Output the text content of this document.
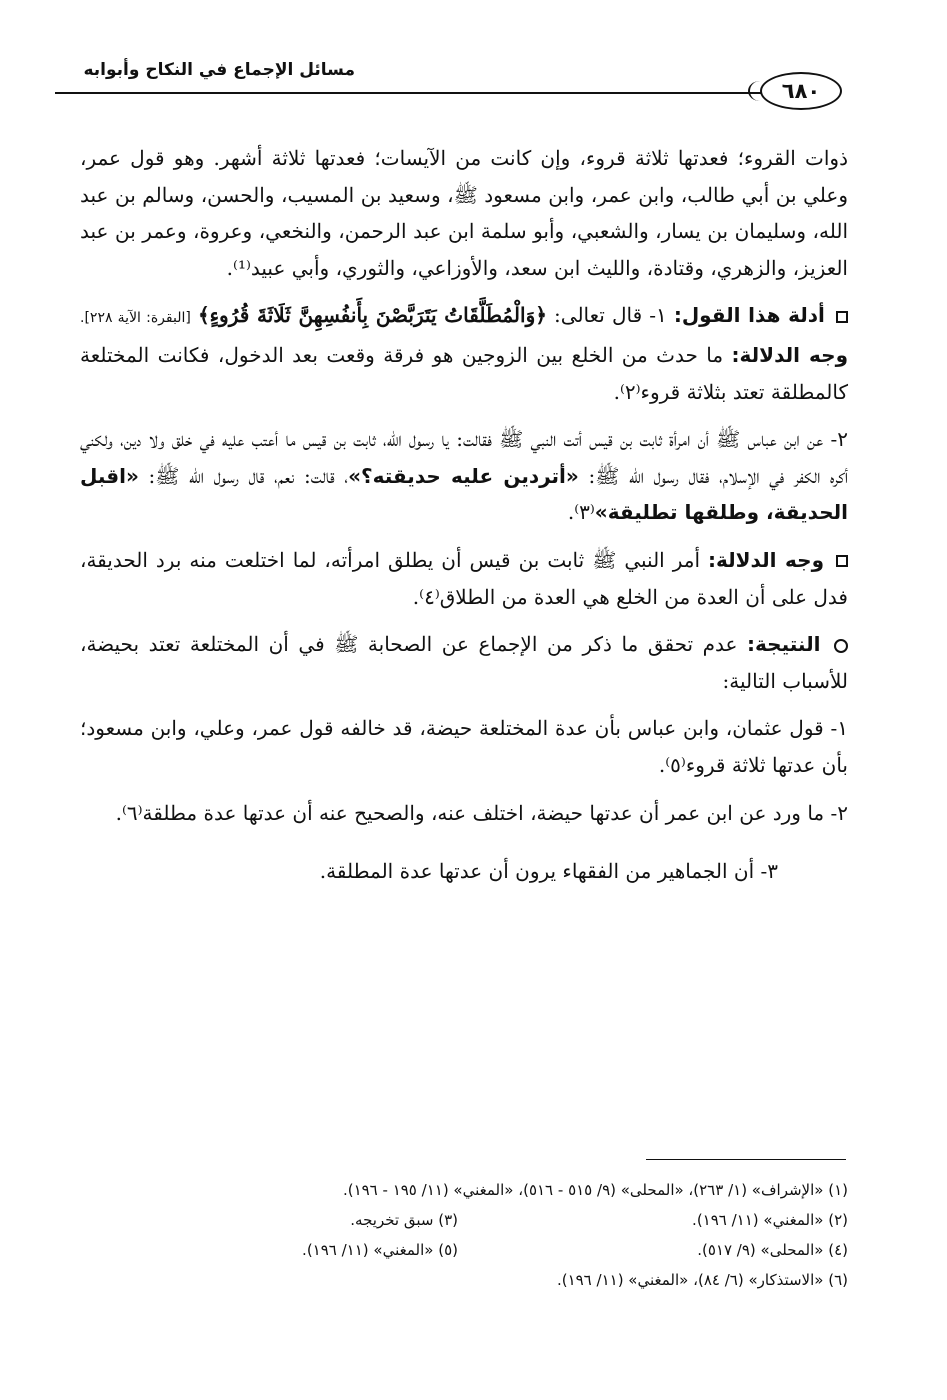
مسائل الإجماع في النكاح وأبوابه
٦٨٠

ذوات القروء؛ فعدتها ثلاثة قروء، وإن كانت من الآيسات؛ فعدتها ثلاثة أشهر. وهو قول عمر، وعلي بن أبي طالب، وابن عمر، وابن مسعود ﷺ، وسعيد بن المسيب، والحسن، وسالم بن عبد الله، وسليمان بن يسار، والشعبي، وأبو سلمة ابن عبد الرحمن، والنخعي، وعروة، وعمر بن عبد العزيز، والزهري، وقتادة، والليث ابن سعد، والأوزاعي، والثوري، وأبي عبيد⁽¹⁾.

أدلة هذا القول: ١- قال تعالى: ﴿وَالْمُطَلَّقَاتُ يَتَرَبَّصْنَ بِأَنفُسِهِنَّ ثَلَاثَةَ قُرُوءٍ﴾ [البقرة: الآية ٢٢٨]. وجه الدلالة: ما حدث من الخلع بين الزوجين هو فرقة وقعت بعد الدخول، فكانت المختلعة كالمطلقة تعتد بثلاثة قروء⁽٢⁾.

٢- عن ابن عباس ﷺ أن امرأة ثابت بن قيس أتت النبي ﷺ فقالت: يا رسول الله، ثابت بن قيس ما أعتب عليه في خلق ولا دين، ولكني أكره الكفر في الإسلام، فقال رسول الله ﷺ: «أتردين عليه حديقته؟»، قالت: نعم، قال رسول الله ﷺ: «اقبل الحديقة، وطلقها تطليقة»⁽٣⁾.

وجه الدلالة: أمر النبي ﷺ ثابت بن قيس أن يطلق امرأته، لما اختلعت منه برد الحديقة، فدل على أن العدة من الخلع هي العدة من الطلاق⁽٤⁾.

النتيجة: عدم تحقق ما ذكر من الإجماع عن الصحابة ﷺ في أن المختلعة تعتد بحيضة، للأسباب التالية:

١- قول عثمان، وابن عباس بأن عدة المختلعة حيضة، قد خالفه قول عمر، وعلي، وابن مسعود؛ بأن عدتها ثلاثة قروء⁽٥⁾.

٢- ما ورد عن ابن عمر أن عدتها حيضة، اختلف عنه، والصحيح عنه أن عدتها عدة مطلقة⁽٦⁾.

٣- أن الجماهير من الفقهاء يرون أن عدتها عدة المطلقة.

(١) «الإشراف» (١/ ٢٦٣)، «المحلى» (٩/ ٥١٥ - ٥١٦)، «المغني» (١١/ ١٩٥ - ١٩٦).
(٢) «المغني» (١١/ ١٩٦).
(٣) سبق تخريجه.
(٤) «المحلى» (٩/ ٥١٧).
(٥) «المغني» (١١/ ١٩٦).
(٦) «الاستذكار» (٦/ ٨٤)، «المغني» (١١/ ١٩٦).
